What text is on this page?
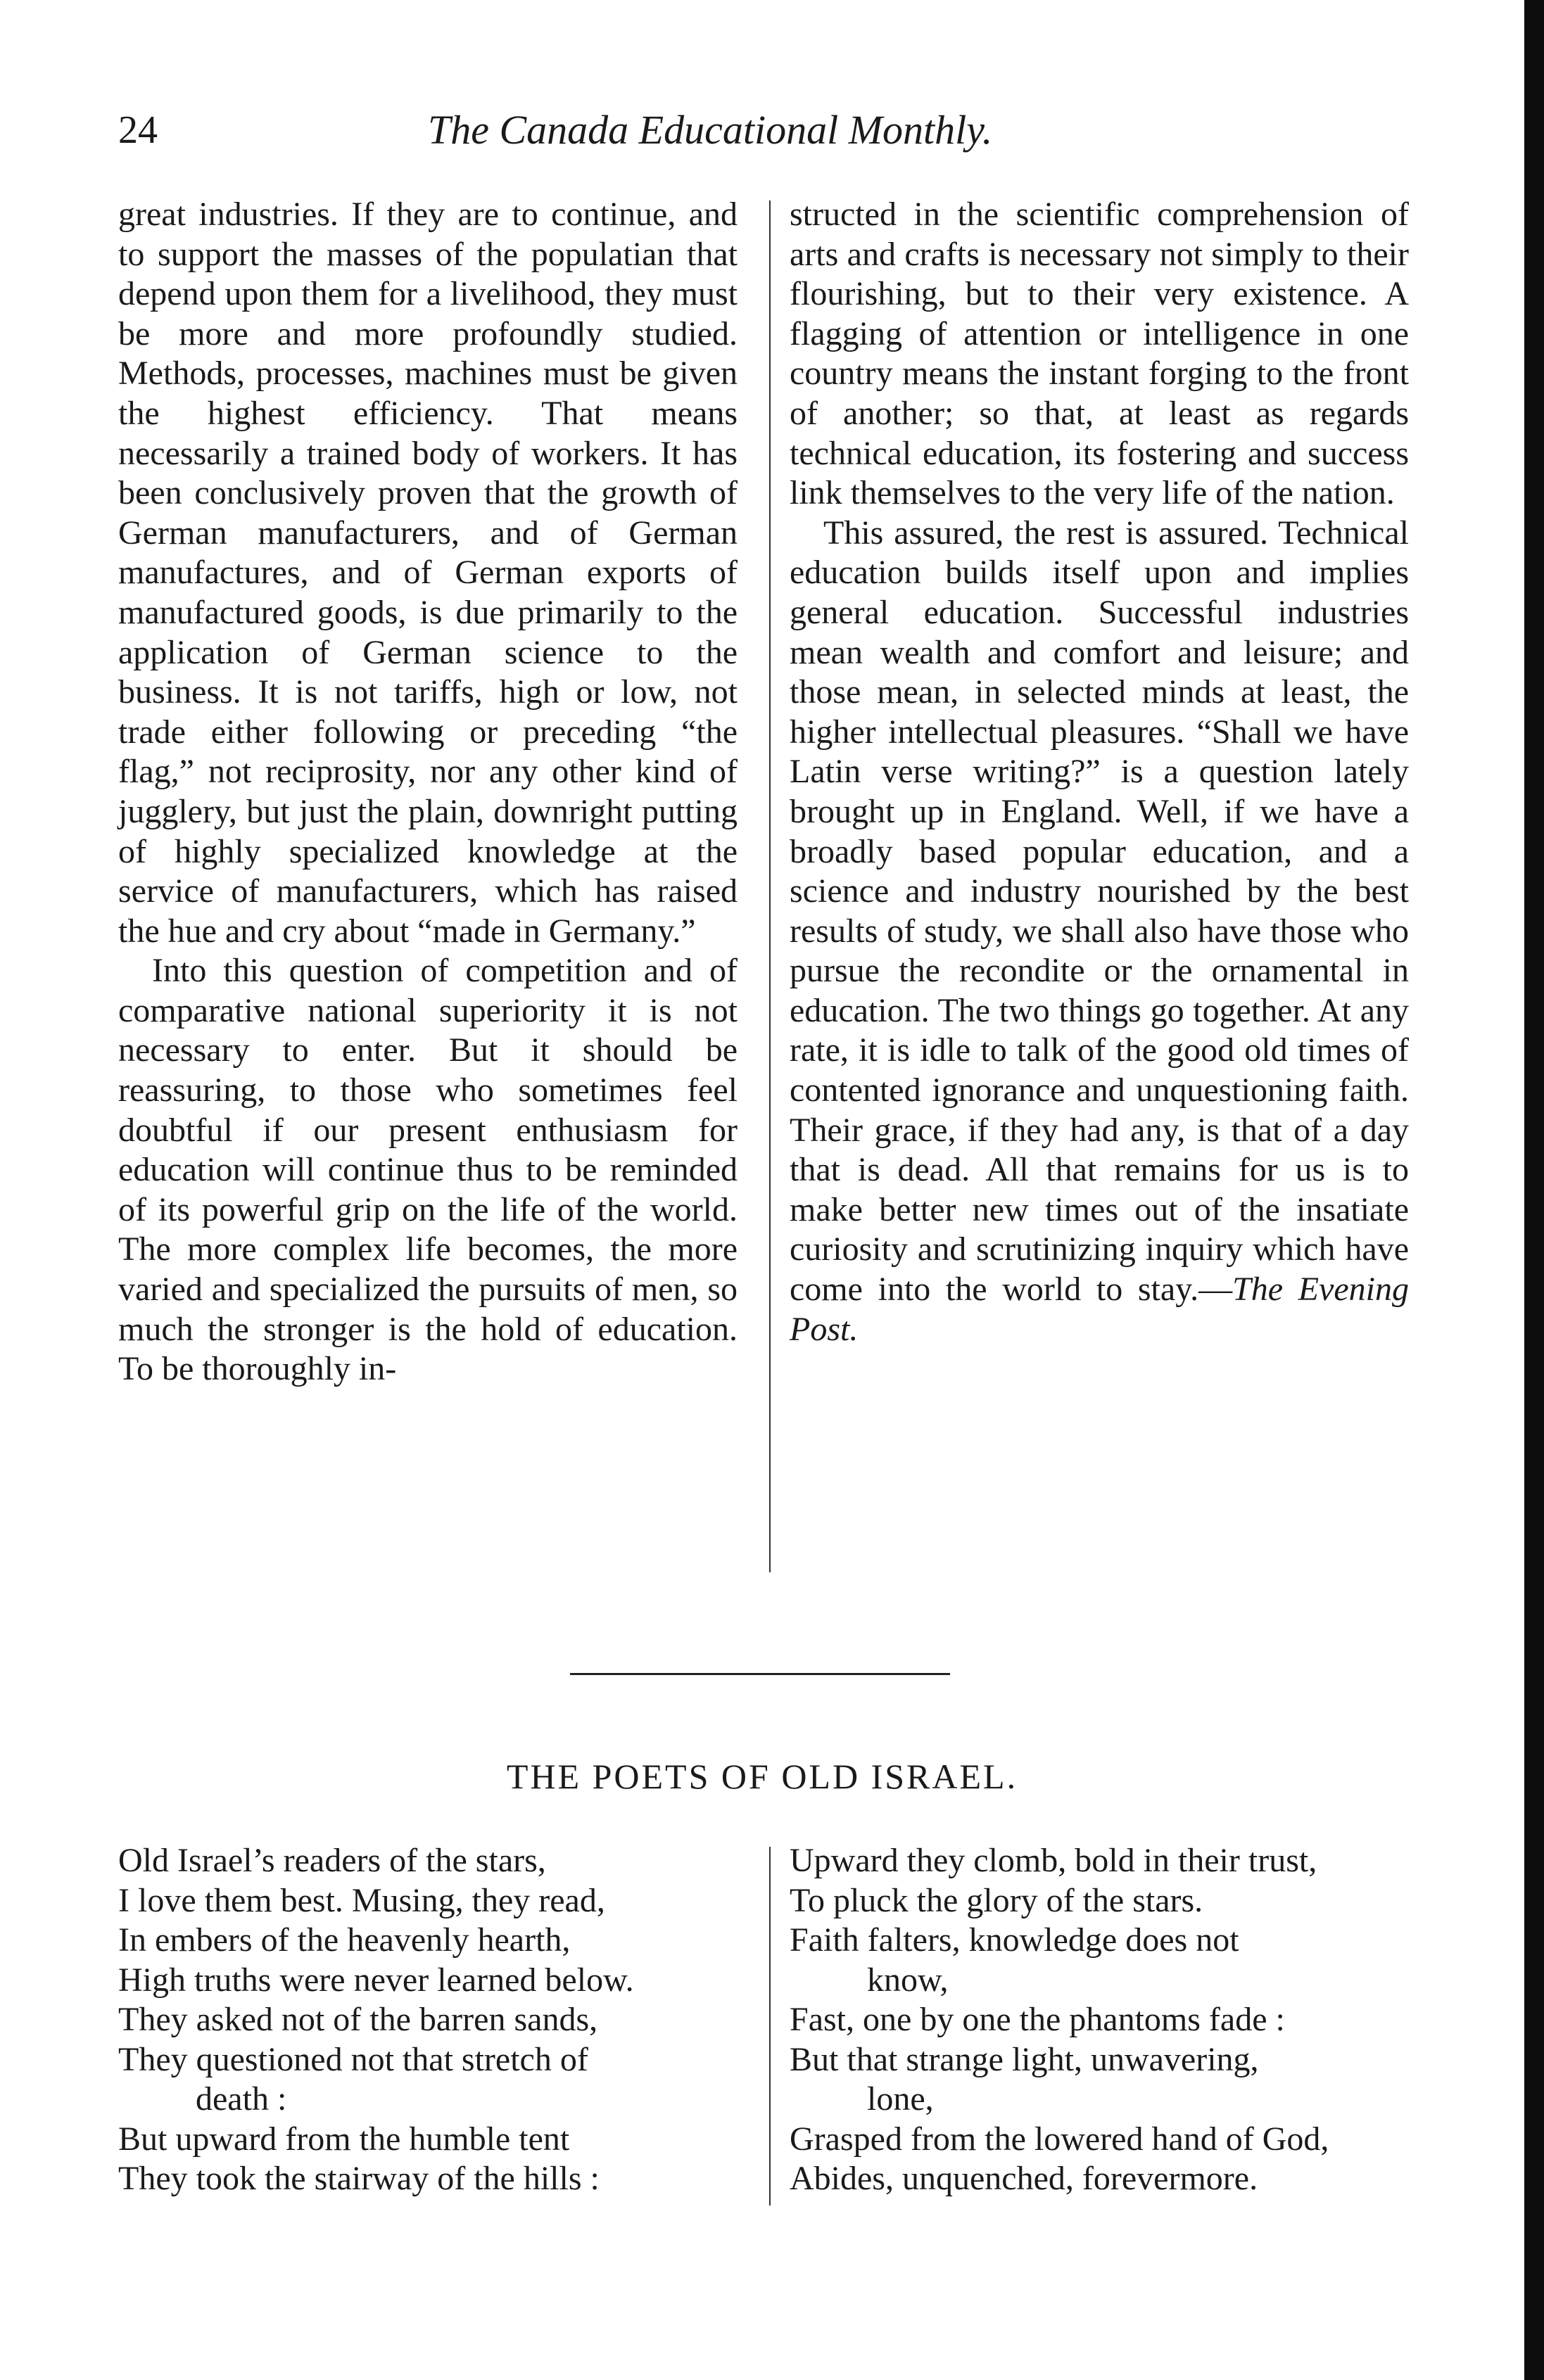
24	The Canada Educational Monthly.

great industries. If they are to continue, and to support the masses of the populatian that depend upon them for a livelihood, they must be more and more profoundly studied. Methods, processes, machines must be given the highest efficiency. That means necessarily a trained body of workers. It has been conclusively proven that the growth of German manufacturers, and of German manufactures, and of German exports of manufactured goods, is due primarily to the application of German science to the business. It is not tariffs, high or low, not trade either following or preceding “the flag,” not reciprosity, nor any other kind of jugglery, but just the plain, downright putting of highly specialized knowledge at the service of manufacturers, which has raised the hue and cry about “made in Germany.”

Into this question of competition and of comparative national superiority it is not necessary to enter. But it should be reassuring, to those who sometimes feel doubtful if our present enthusiasm for education will continue thus to be reminded of its powerful grip on the life of the world. The more complex life becomes, the more varied and specialized the pursuits of men, so much the stronger is the hold of education. To be thoroughly in-

structed in the scientific comprehension of arts and crafts is necessary not simply to their flourishing, but to their very existence. A flagging of attention or intelligence in one country means the instant forging to the front of another; so that, at least as regards technical education, its fostering and success link themselves to the very life of the nation.

This assured, the rest is assured. Technical education builds itself upon and implies general education. Successful industries mean wealth and comfort and leisure; and those mean, in selected minds at least, the higher intellectual pleasures. “Shall we have Latin verse writing?” is a question lately brought up in England. Well, if we have a broadly based popular education, and a science and industry nourished by the best results of study, we shall also have those who pursue the recondite or the ornamental in education. The two things go together. At any rate, it is idle to talk of the good old times of contented ignorance and unquestioning faith. Their grace, if they had any, is that of a day that is dead. All that remains for us is to make better new times out of the insatiate curiosity and scrutinizing inquiry which have come into the world to stay.—The Evening Post.

THE POETS OF OLD ISRAEL.
Old Israel’s readers of the stars,
I love them best. Musing, they read,
In embers of the heavenly hearth,
High truths were never learned below.
They asked not of the barren sands,
They questioned not that stretch of
death :
But upward from the humble tent
They took the stairway of the hills :
Upward they clomb, bold in their trust,
To pluck the glory of the stars.
Faith falters, knowledge does not
know,
Fast, one by one the phantoms fade :
But that strange light, unwavering,
lone,
Grasped from the lowered hand of God,
Abides, unquenched, forevermore.
